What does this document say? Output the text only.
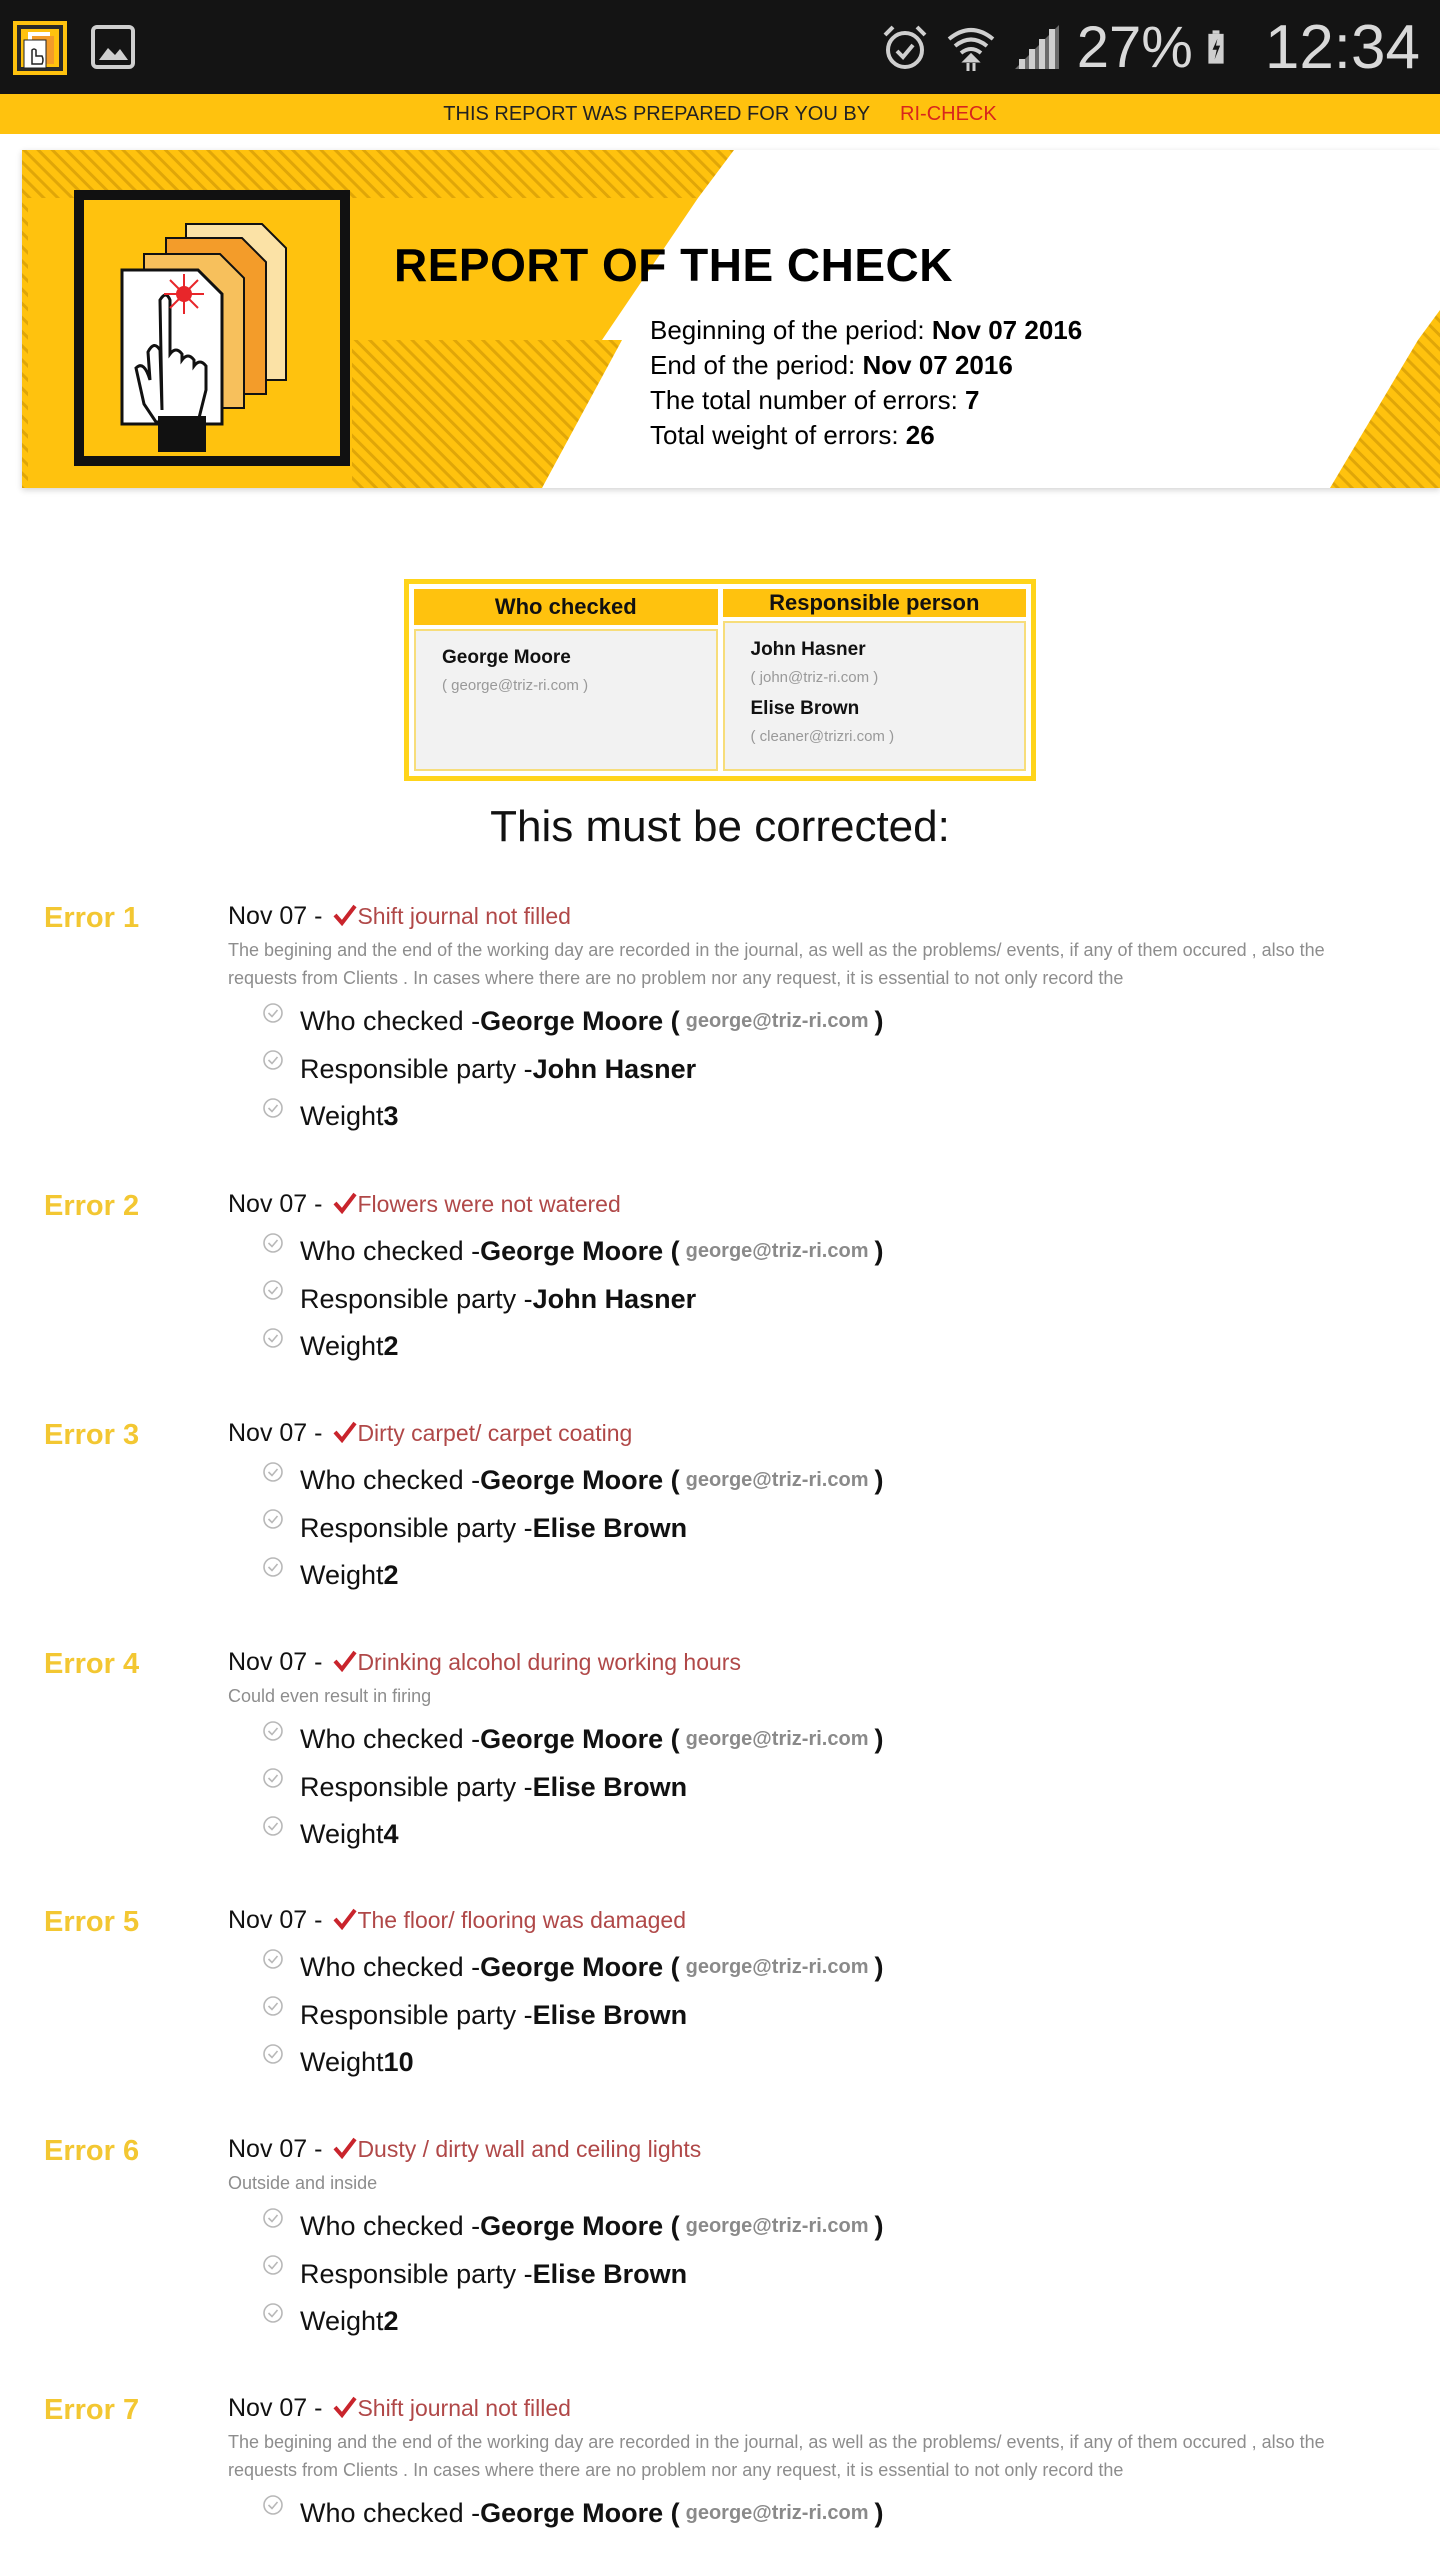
27% 12:34
THIS REPORT WAS PREPARED FOR YOU BY RI-CHECK
REPORT OF THE CHECK
Beginning of the period: Nov 07 2016
End of the period: Nov 07 2016
The total number of errors: 7
Total weight of errors: 26
Who checked
George Moore
( george@triz-ri.com )
Responsible person
John Hasner
( john@triz-ri.com )
Elise Brown
( cleaner@trizri.com )
This must be corrected:
Error 1	Nov 07 - Shift journal not filled
The begining and the end of the working day are recorded in the journal, as well as the problems/ events, if any of them occured , also the requests from Clients . In cases where there are no problem nor any request, it is essential to not only record the
Who checked - George Moore
( george@triz-ri.com )
Responsible party - John Hasner
Weight 3
Error 2	Nov 07 - Flowers were not watered
Who checked - George Moore
( george@triz-ri.com )
Responsible party - John Hasner
Weight 2
Error 3	Nov 07 - Dirty carpet/ carpet coating
Who checked - George Moore
( george@triz-ri.com )
Responsible party - Elise Brown
Weight 2
Error 4	Nov 07 - Drinking alcohol during working hours
Could even result in firing
Who checked - George Moore
( george@triz-ri.com )
Responsible party - Elise Brown
Weight 4
Error 5	Nov 07 - The floor/ flooring was damaged
Who checked - George Moore
( george@triz-ri.com )
Responsible party - Elise Brown
Weight 10
Error 6	Nov 07 - Dusty / dirty wall and ceiling lights
Outside and inside
Who checked - George Moore
( george@triz-ri.com )
Responsible party - Elise Brown
Weight 2
Error 7	Nov 07 - Shift journal not filled
The begining and the end of the working day are recorded in the journal, as well as the problems/ events, if any of them occured , also the requests from Clients . In cases where there are no problem nor any request, it is essential to not only record the
Who checked - George Moore
( george@triz-ri.com )
